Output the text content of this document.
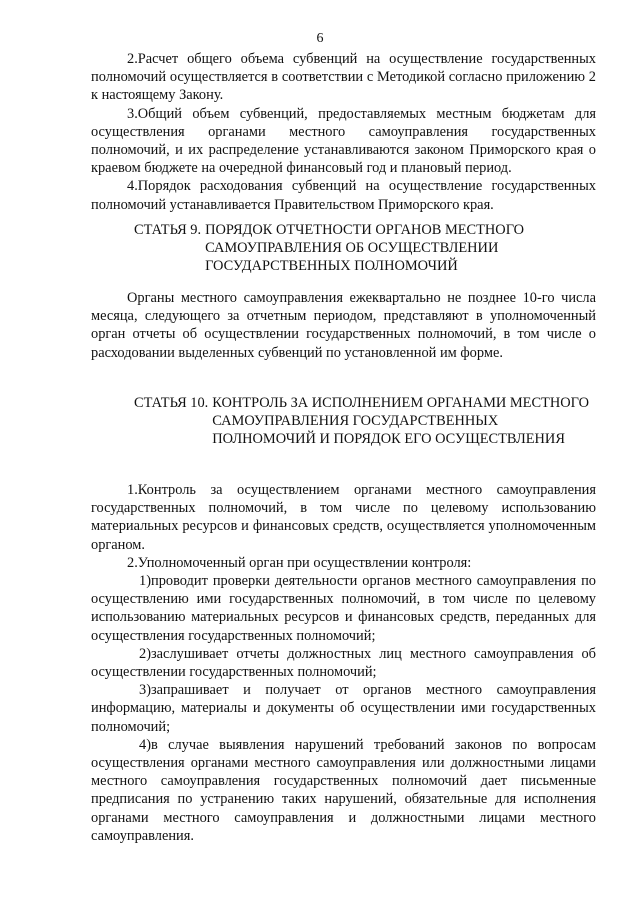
6

2.Расчет общего объема субвенций на осуществление государственных полномочий осуществляется в соответствии с Методикой согласно приложению 2 к настоящему Закону.

3.Общий объем субвенций, предоставляемых местным бюджетам для осуществления органами местного самоуправления государственных полномочий, и их распределение устанавливаются законом Приморского края о краевом бюджете на очередной финансовый год и плановый период.

4.Порядок расходования субвенций на осуществление государственных полномочий устанавливается Правительством Приморского края.

СТАТЬЯ 9. ПОРЯДОК ОТЧЕТНОСТИ ОРГАНОВ МЕСТНОГО САМОУПРАВЛЕНИЯ ОБ ОСУЩЕСТВЛЕНИИ ГОСУДАРСТВЕННЫХ ПОЛНОМОЧИЙ

Органы местного самоуправления ежеквартально не позднее 10-го числа месяца, следующего за отчетным периодом, представляют в уполномоченный орган отчеты об осуществлении государственных полномочий, в том числе о расходовании выделенных субвенций по установленной им форме.

СТАТЬЯ 10. КОНТРОЛЬ ЗА ИСПОЛНЕНИЕМ ОРГАНАМИ МЕСТНОГО САМОУПРАВЛЕНИЯ ГОСУДАРСТВЕННЫХ ПОЛНОМОЧИЙ И ПОРЯДОК ЕГО ОСУЩЕСТВЛЕНИЯ

1.Контроль за осуществлением органами местного самоуправления государственных полномочий, в том числе по целевому использованию материальных ресурсов и финансовых средств, осуществляется уполномоченным органом.

2.Уполномоченный орган при осуществлении контроля:

1)проводит проверки деятельности органов местного самоуправления по осуществлению ими государственных полномочий, в том числе по целевому использованию материальных ресурсов и финансовых средств, переданных для осуществления государственных полномочий;

2)заслушивает отчеты должностных лиц местного самоуправления об осуществлении государственных полномочий;

3)запрашивает и получает от органов местного самоуправления информацию, материалы и документы об осуществлении ими государственных полномочий;

4)в случае выявления нарушений требований законов по вопросам осуществления органами местного самоуправления или должностными лицами местного самоуправления государственных полномочий дает письменные предписания по устранению таких нарушений, обязательные для исполнения органами местного самоуправления и должностными лицами местного самоуправления.
